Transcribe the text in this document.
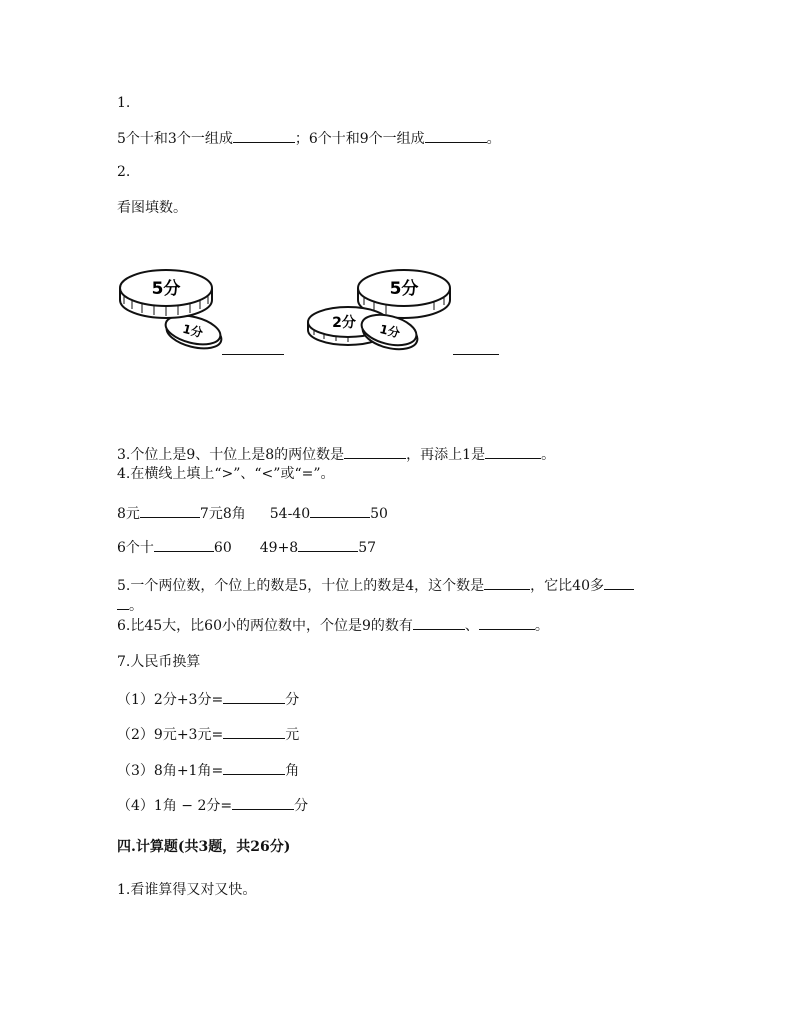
1.
5个十和3个一组成	；6个十和9个一组成	。
2.
看图填数。
1分
5分	5分
2分 1分
3.个位上是9、十位上是8的两位数是	，再添上1是	。
4.在横线上填上“>”、“<”或“=”。
8元	7元8角 54-40	50
6个十	60 49+8	57
5.一个两位数，个位上的数是5，十位上的数是4，这个数是	，它比40多
。
6.比45大，比60小的两位数中，个位是9的数有	、	。
7.人民币换算
（1）2分+3分=	分
（2）9元+3元=	元
（3）8角+1角=	角
（4）1角 − 2分=	分
四.计算题(共3题，共26分)
1.看谁算得又对又快。
